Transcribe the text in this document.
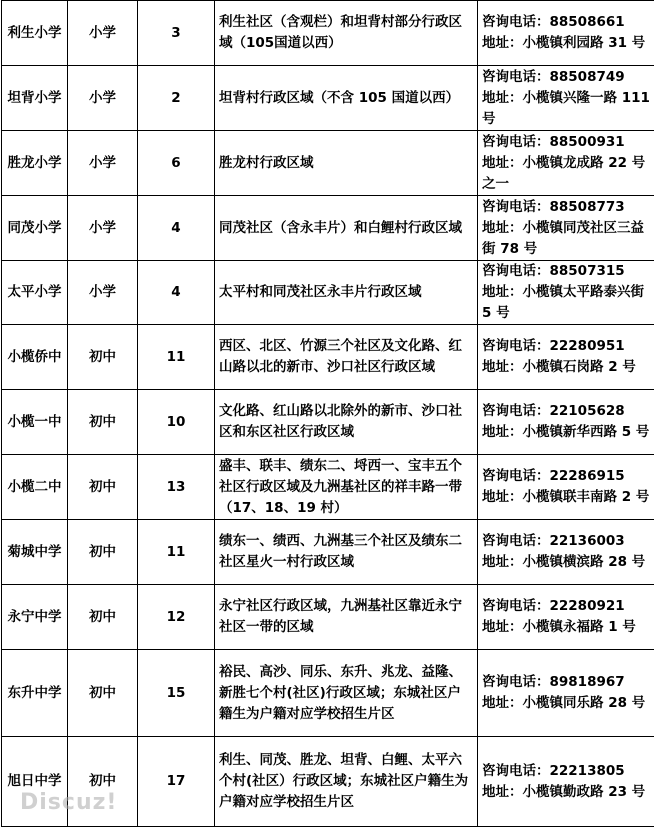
利生小学	小学	3	利生社区（含观栏）和坦背村部分行政区域（105国道以西）	咨询电话：88508661
地址：小榄镇利园路 31 号

坦背小学	小学	2	坦背村行政区域（不含 105 国道以西）	咨询电话：88508749
地址：小榄镇兴隆一路 111 号

胜龙小学	小学	6	胜龙村行政区域	咨询电话：88500931
地址：小榄镇龙成路 22 号之一

同茂小学	小学	4	同茂社区（含永丰片）和白鲤村行政区域	咨询电话：88508773
地址：小榄镇同茂社区三益街 78 号

太平小学	小学	4	太平村和同茂社区永丰片行政区域	咨询电话：88507315
地址：小榄镇太平路泰兴街 5 号

小榄侨中	初中	11	西区、北区、竹源三个社区及文化路、红山路以北的新市、沙口社区行政区域	咨询电话：22280951
地址：小榄镇石岗路 2 号

小榄一中	初中	10	文化路、红山路以北除外的新市、沙口社区和东区社区行政区域	咨询电话：22105628
地址：小榄镇新华西路 5 号

小榄二中	初中	13	盛丰、联丰、绩东二、埒西一、宝丰五个社区行政区域及九洲基社区的祥丰路一带（17、18、19 村）	咨询电话：22286915
地址：小榄镇联丰南路 2 号

菊城中学	初中	11	绩东一、绩西、九洲基三个社区及绩东二社区星火一村行政区域	咨询电话：22136003
地址：小榄镇横滨路 28 号

永宁中学	初中	12	永宁社区行政区域，九洲基社区靠近永宁社区一带的区域	咨询电话：22280921
地址：小榄镇永福路 1 号

东升中学	初中	15	裕民、高沙、同乐、东升、兆龙、益隆、新胜七个村(社区)行政区域；东城社区户籍生为户籍对应学校招生片区	咨询电话：89818967
地址：小榄镇同乐路 28 号

旭日中学	初中	17	利生、同茂、胜龙、坦背、白鲤、太平六个村(社区）行政区域；东城社区户籍生为户籍对应学校招生片区	咨询电话：22213805
地址：小榄镇勤政路 23 号
Discuz!
